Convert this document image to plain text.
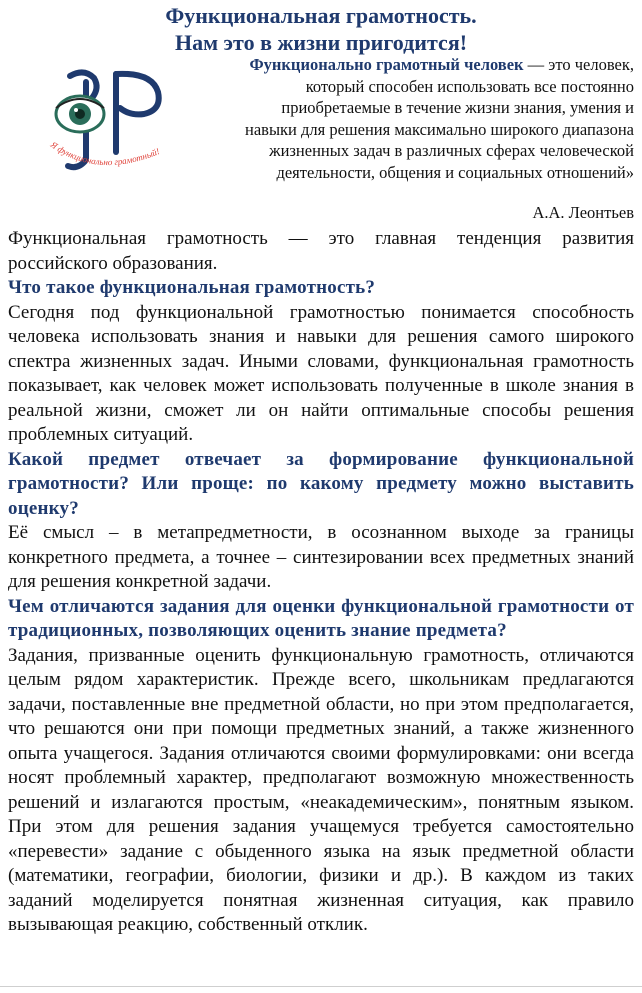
Функциональная грамотность.
Нам это в жизни пригодится!
Я функционально грамотный!
Функционально грамотный человек — это человек, который способен использовать все постоянно приобретаемые в течение жизни знания, умения и навыки для решения максимально широкого диапазона жизненных задач в различных сферах человеческой деятельности, общения и социальных отношений»
А.А. Леонтьев

Функциональная грамотность — это главная тенденция развития российского образования.

Что такое функциональная грамотность?

Сегодня под функциональной грамотностью понимается способность человека использовать знания и навыки для решения самого широкого спектра жизненных задач. Иными словами, функциональная грамотность показывает, как человек может использовать полученные в школе знания в реальной жизни, сможет ли он найти оптимальные способы решения проблемных ситуаций.

Какой предмет отвечает за формирование функциональной грамотности? Или проще: по какому предмету можно выставить оценку?

Её смысл – в метапредметности, в осознанном выходе за границы конкретного предмета, а точнее – синтезировании всех предметных знаний для решения конкретной задачи.

Чем отличаются задания для оценки функциональной грамотности от традиционных, позволяющих оценить знание предмета?

Задания, призванные оценить функциональную грамотность, отличаются целым рядом характеристик. Прежде всего, школьникам предлагаются задачи, поставленные вне предметной области, но при этом предполагается, что решаются они при помощи предметных знаний, а также жизненного опыта учащегося. Задания отличаются своими формулировками: они всегда носят проблемный характер, предполагают возможную множественность решений и излагаются простым, «неакадемическим», понятным языком. При этом для решения задания учащемуся требуется самостоятельно «перевести» задание с обыденного языка на язык предметной области (математики, географии, биологии, физики и др.). В каждом из таких заданий моделируется понятная жизненная ситуация, как правило вызывающая реакцию, собственный отклик.
